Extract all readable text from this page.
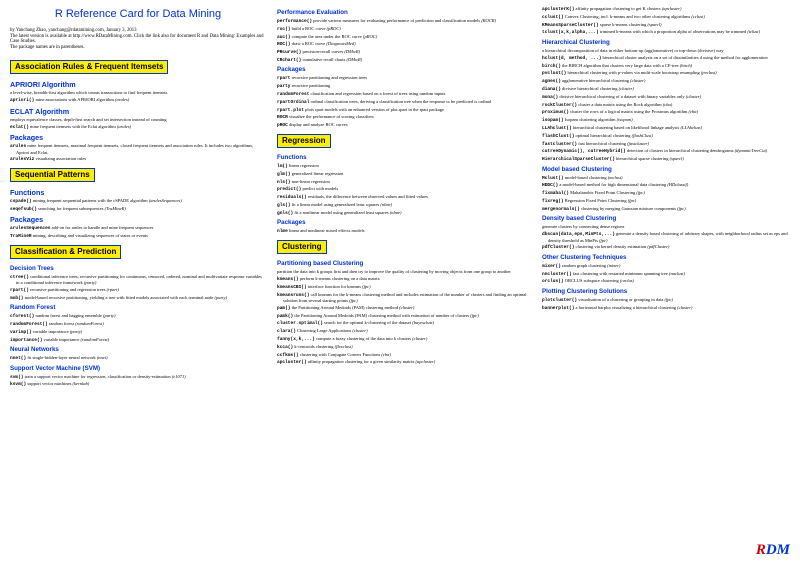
R Reference Card for Data Mining
by Yanchang Zhao, yanchang@rdatamining.com, January 3, 2013
The latest version is available at http://www.RDataMining.com. Click the link also for document R and Data Mining: Examples and Case Studies.
The package names are in parentheses.
Association Rules & Frequent Itemsets
APRIORI Algorithm
a level-wise, breadth-first algorithm which counts transactions to find frequent itemsets
apriori() mine associations with APRIORI algorithm (arules)
ECLAT Algorithm
employs equivalence classes, depth-first search and set intersection instead of counting
eclat() mine frequent itemsets with the Eclat algorithm (arules)
Packages
arules mine frequent itemsets, maximal frequent itemsets, closed frequent itemsets and association rules. It includes two algorithms, Apriori and Eclat.
arulesViz visualizing association rules
Sequential Patterns
Functions
cspade() mining frequent sequential patterns with the cSPADE algorithm (arulesSequences)
seqefsub() searching for frequent subsequences (TraMineR)
Packages
arulesSequences add-on for arules to handle and mine frequent sequences
TraMineR mining, describing and visualizing sequences of states or events
Classification & Prediction
Decision Trees
ctree() conditional inference trees, recursive partitioning for continuous, censored, ordered, nominal and multivariate response variables in a conditional inference framework (party)
rpart() recursive partitioning and regression trees (rpart)
mob() model-based recursive partitioning, yielding a tree with fitted models associated with each terminal node (party)
Random Forest
cforest() random forest and bagging ensemble (party)
randomForest() random forest (randomForest)
varimp() variable importance (party)
importance() variable importance (randomForest)
Neural Networks
nnet() fit single-hidden-layer neural network (nnet)
Support Vector Machine (SVM)
svm() train a support vector machine for regression, classification or density-estimation (e1071)
ksvm() support vector machines (kernlab)
Performance Evaluation
performance() provide various measures for evaluating performance of prediction and classification models (ROCR)
roc() build a ROC curve (pROC)
auc() compute the area under the ROC curve (pROC)
ROC() draw a ROC curve (DiagnosisMed)
PRcurve() precision-recall curves (DMwR)
CRchart() cumulative recall charts (DMwR)
Packages
rpart recursive partitioning and regression trees
party recursive partitioning
randomForest classification and regression based on a forest of trees using random inputs
rpartOrdinal ordinal classification trees, deriving a classification tree when the response to be predicted is ordinal
rpart.plot plots rpart models with an enhanced version of plot.rpart in the rpart package
ROCR visualize the performance of scoring classifiers
pROC display and analyze ROC curves
Regression
Functions
lm() linear regression
glm() generalized linear regression
nls() non-linear regression
predict() predict with models
residuals() residuals, the difference between observed values and fitted values
gls() fit a linear model using generalized least squares (nlme)
gnls() fit a nonlinear model using generalized least squares (nlme)
Packages
nlme linear and nonlinear mixed effects models
Clustering
Partitioning based Clustering
partition the data into k groups first and then try to improve the quality of clustering by moving objects from one group to another
kmeans() perform k-means clustering on a data matrix
kmeansCBI() interface function for kmeans (fpc)
kmeansruns() call kmeans for the k-means clustering method and includes estimation of the number of clusters and finding an optimal solution from several starting points (fpc)
pam() the Partitioning Around Medoids (PAM) clustering method (cluster)
pamk() the Partitioning Around Medoids (PAM) clustering method with estimation of number of clusters (fpc)
cluster.optimal() search for the optimal k-clustering of the dataset (bayesclust)
clara() Clustering Large Applications (cluster)
fanny(x,k,...) compute a fuzzy clustering of the data into k clusters (cluster)
kcca() k-centroids clustering (flexclust)
ccfkms() clustering with Conjugate Convex Functions (cba)
apcluster() affinity propagation clustering for a given similarity matrix (apcluster)
apclusterK() affinity propagation clustering to get K clusters (apcluster)
cclust() Convex Clustering, incl. k-means and two other clustering algorithms (cclust)
KMeansSparseCluster() sparse k-means clustering (sparcl)
tclust(x,k,alpha,...) trimmed k-means with which a proportion alpha of observations may be trimmed (tclust)
Hierarchical Clustering
a hierarchical decomposition of data in either bottom-up (agglomerative) or top-down (divisive) way
hclust(d, method, ...) hierarchical cluster analysis on a set of dissimilarities d using the method for agglomeration
birch() the BIRCH algorithm that clusters very large data with a CF-tree (birch)
pvclust() hierarchical clustering with p-values via multi-scale bootstrap resampling (pvclust)
agnes() agglomerative hierarchical clustering (cluster)
diana() divisive hierarchical clustering (cluster)
mona() divisive hierarchical clustering of a dataset with binary variables only (cluster)
rockCluster() cluster a data matrix using the Rock algorithm (cba)
proximus() cluster the rows of a logical matrix using the Proximus algorithm (cba)
isopam() Isopam clustering algorithm (isopam)
LLAhclust() hierarchical clustering based on likelihood linkage analysis (LLAhclust)
flashClust() optimal hierarchical clustering (flashClust)
fastcluster() fast hierarchical clustering (fastcluster)
cutreeDynamic(), cutreeHybrid() detection of clusters in hierarchical clustering dendrograms (dynamicTreeCut)
HierarchicalSparseCluster() hierarchical sparse clustering (sparcl)
Model based Clustering
Mclust() model-based clustering (mclust)
HDDC() a model-based method for high dimensional data clustering (HDclassif)
fixmahal() Mahalanobis Fixed Point Clustering (fpc)
fixreg() Regression Fixed Point Clustering (fpc)
mergenormals() clustering by merging Gaussian mixture components (fpc)
Density based Clustering
generate clusters by connecting dense regions
dbscan(data,eps,MinPts,...) generate a density based clustering of arbitrary shapes, with neighborhood radius set as eps and density threshold as MinPts (fpc)
pdfCluster() clustering via kernel density estimation (pdfCluster)
Other Clustering Techniques
mixer() random graph clustering (mixer)
nncluster() fast clustering with restarted minimum spanning tree (nnclust)
orclus() ORCLUS subspace clustering (orclus)
Plotting Clustering Solutions
plotcluster() visualisation of a clustering or grouping in data (fpc)
bannerplot() a horizontal barplot visualizing a hierarchical clustering (cluster)
RDM
